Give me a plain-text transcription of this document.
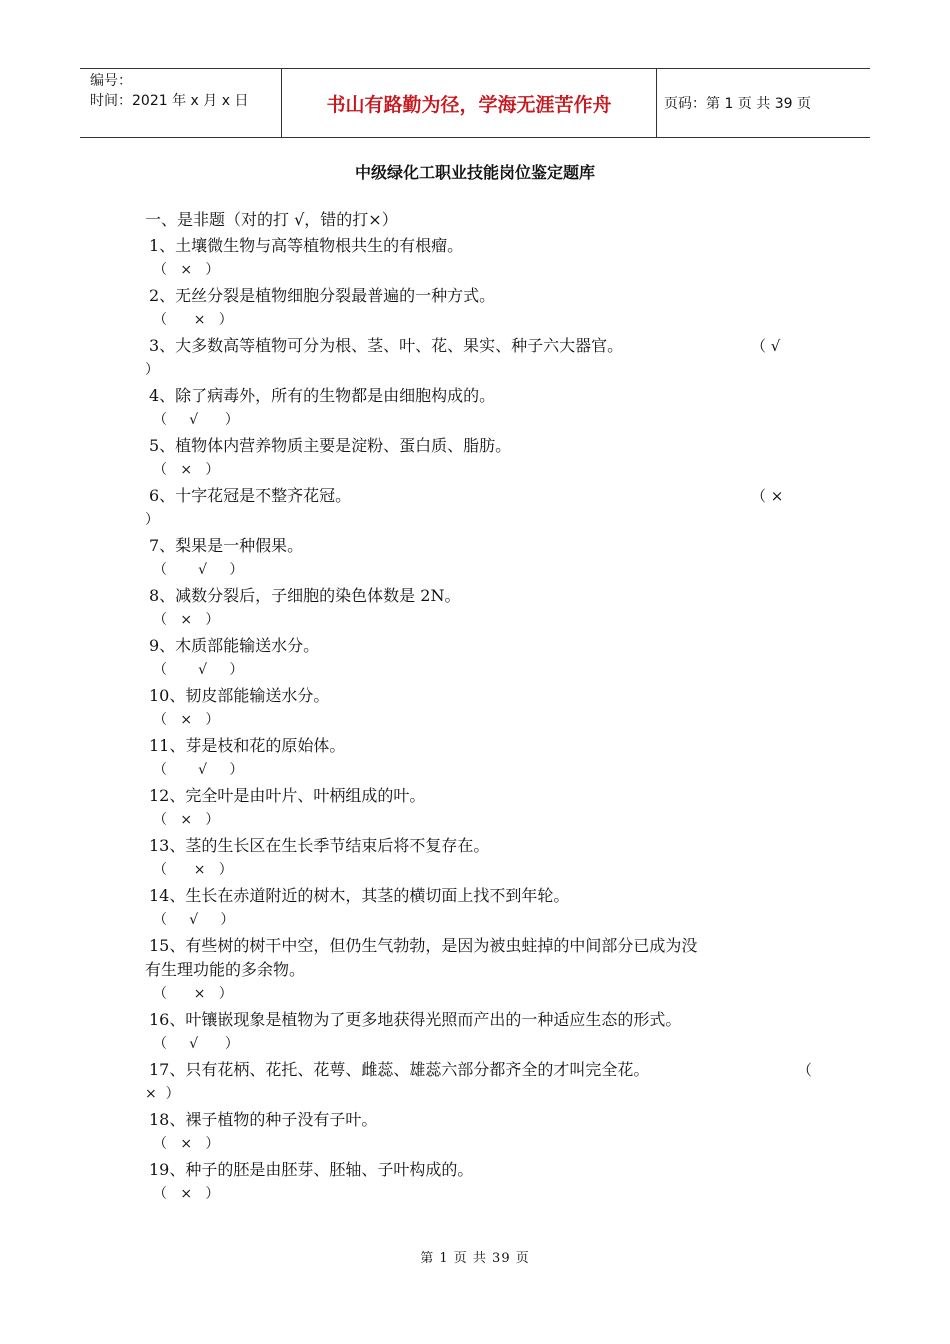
编号：
时间：2021 年 x 月 x 日	书山有路勤为径，学海无涯苦作舟	页码：第 1 页 共 39 页
中级绿化工职业技能岗位鉴定题库
一、是非题（对的打 √，错的打×）
1、土壤微生物与高等植物根共生的有根瘤。
（   ×   ）
2、无丝分裂是植物细胞分裂最普遍的一种方式。
（      ×   ）
3、大多数高等植物可分为根、茎、叶、花、果实、种子六大器官。	（ √
）
4、除了病毒外，所有的生物都是由细胞构成的。
（     √      ）
5、植物体内营养物质主要是淀粉、蛋白质、脂肪。
（   ×   ）
6、十字花冠是不整齐花冠。	（ ×
）
7、梨果是一种假果。
（       √     ）
8、减数分裂后，子细胞的染色体数是 2N。
（   ×   ）
9、木质部能输送水分。
（       √     ）
10、韧皮部能输送水分。
（   ×   ）
11、芽是枝和花的原始体。
（       √     ）
12、完全叶是由叶片、叶柄组成的叶。
（   ×   ）
13、茎的生长区在生长季节结束后将不复存在。
（      ×   ）
14、生长在赤道附近的树木，其茎的横切面上找不到年轮。
（     √     ）
15、有些树的树干中空，但仍生气勃勃，是因为被虫蛀掉的中间部分已成为没
有生理功能的多余物。
（      ×   ）
16、叶镶嵌现象是植物为了更多地获得光照而产出的一种适应生态的形式。
（     √      ）
17、只有花柄、花托、花萼、雌蕊、雄蕊六部分都齐全的才叫完全花。	（
×  ）
18、裸子植物的种子没有子叶。
（   ×   ）
19、种子的胚是由胚芽、胚轴、子叶构成的。
（   ×   ）
第 1 页 共 39 页
